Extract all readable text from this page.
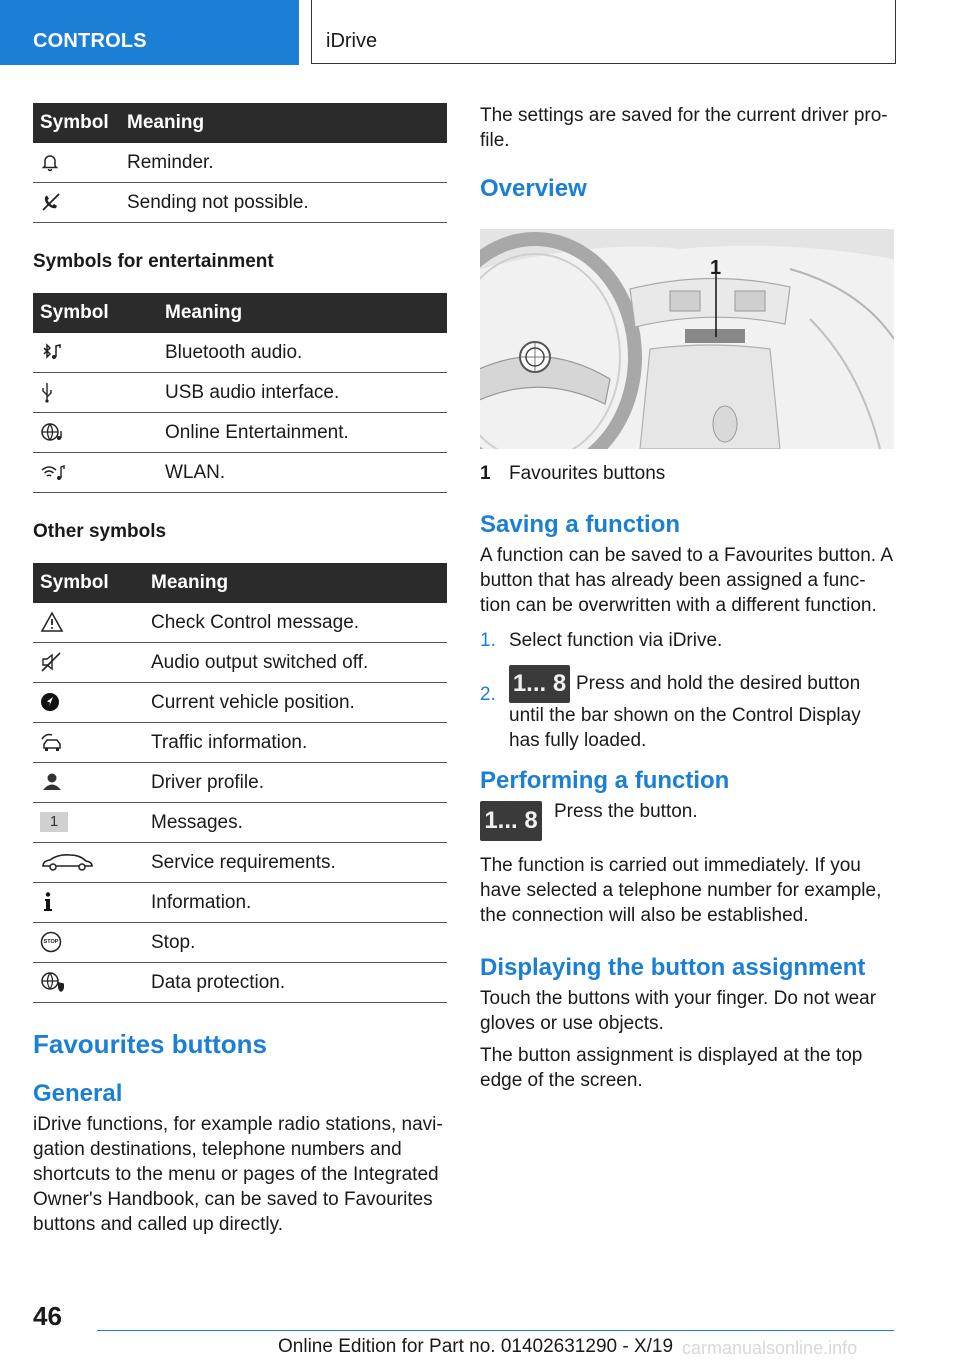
CONTROLS	iDrive
Symbol	Meaning

	Reminder.

	Sending not possible.
Symbols for entertainment
Symbol	Meaning

	Bluetooth audio.

	USB audio interface.

	Online Entertainment.

	WLAN.
Other symbols
Symbol	Meaning

	Check Control message.

	Audio output switched off.

	Current vehicle position.

	Traffic information.

	Driver profile.
1	Messages.

	Service requirements.

	Information.

STOP	Stop.

	Data protection.
Favourites buttons
General

iDrive functions, for example radio stations, navi‐gation destinations, telephone numbers and shortcuts to the menu or pages of the Integrated Owner's Handbook, can be saved to Favourites buttons and called up directly.

The settings are saved for the current driver pro‐file.

Overview
1
1 Favourites buttons
Saving a function

A function can be saved to a Favourites button. A button that has already been assigned a func‐tion can be overwritten with a different function.

1. Select function via iDrive.
2. 1... 8 Press and hold the desired button until the bar shown on the Control Display has fully loaded.
Performing a function
1... 8 Press the button.

The function is carried out immediately. If you have selected a telephone number for example, the connection will also be established.

Displaying the button assignment

Touch the buttons with your finger. Do not wear gloves or use objects.

The button assignment is displayed at the top edge of the screen.

46
Online Edition for Part no. 01402631290 - X/19 carmanualsonline.info
